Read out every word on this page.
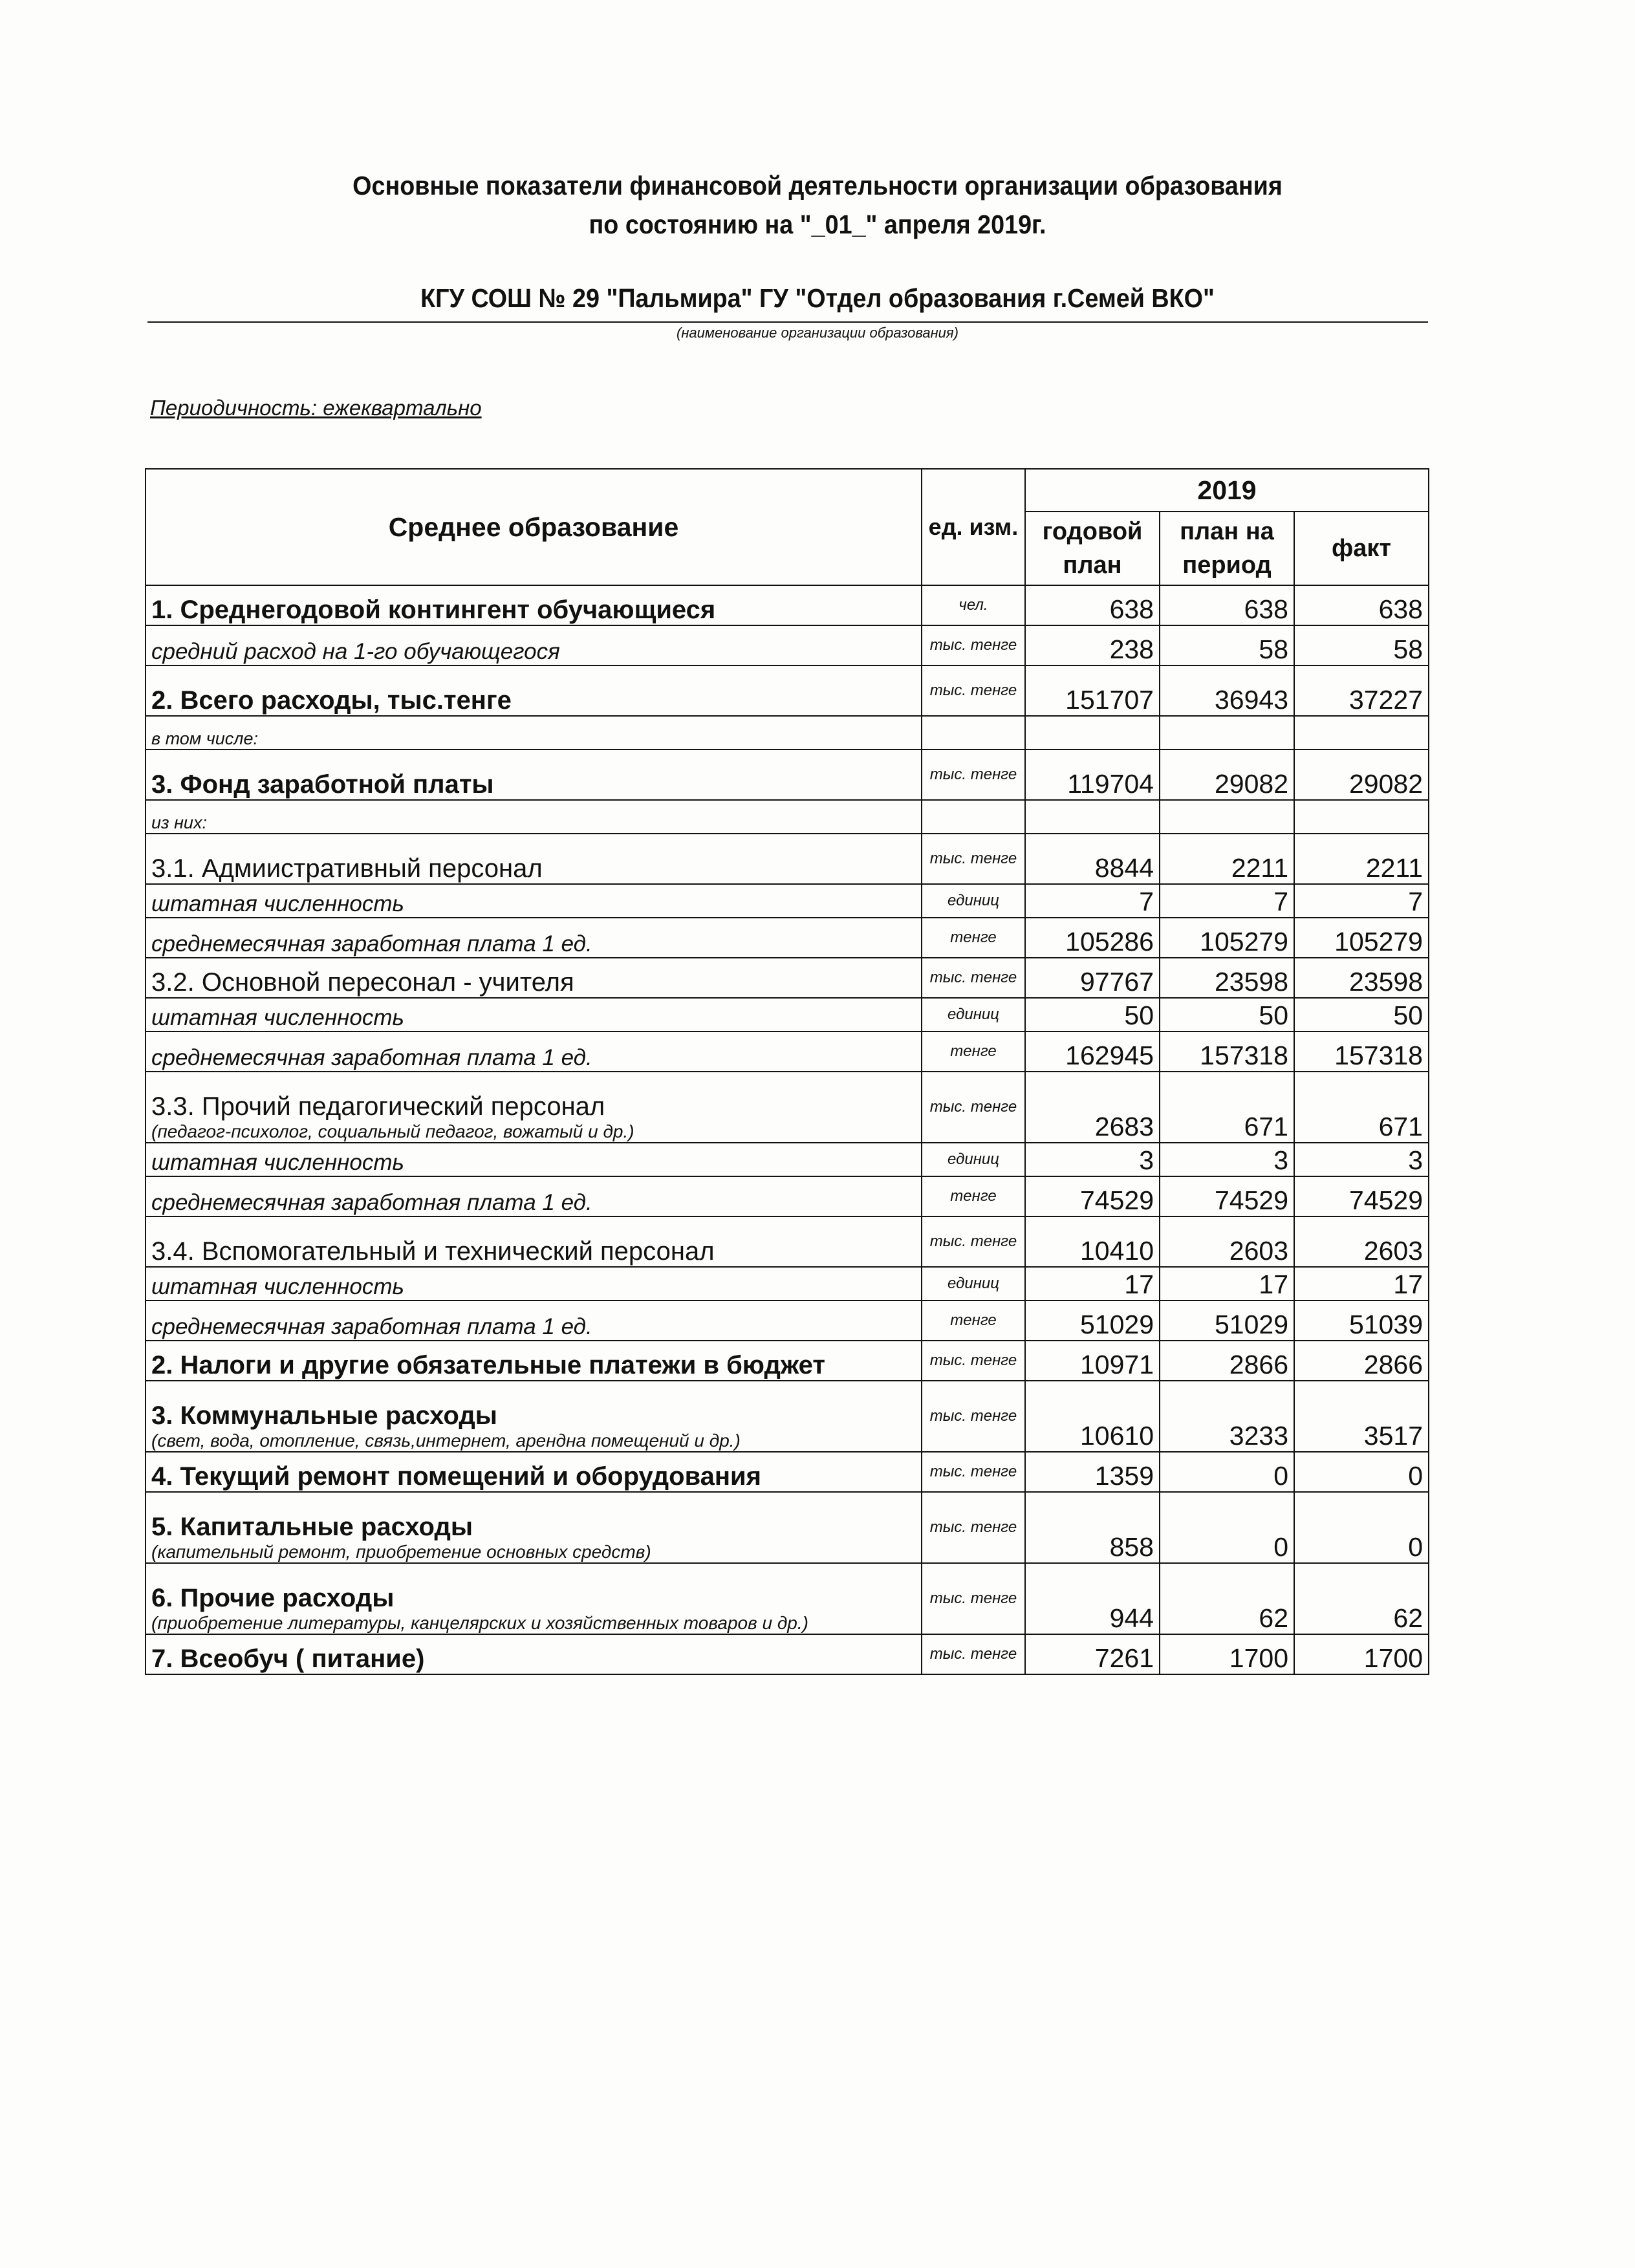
Основные показатели финансовой деятельности организации образования
по состоянию на "_01_" апреля 2019г.
КГУ СОШ № 29 "Пальмира" ГУ "Отдел образования г.Семей ВКО"
(наименование организации образования)
Периодичность: ежеквартально
Среднее образование	ед. изм.	2019		
		годовой план	план на период	факт

1. Среднегодовой контингент обучающиеся	чел.	638	638	638

средний расход на 1-го обучающегося	тыс. тенге	238	58	58

2. Всего расходы, тыс.тенге	тыс. тенге	151707	36943	37227

в том числе:				

3. Фонд заработной платы	тыс. тенге	119704	29082	29082

из них:				

3.1. Адмиистративный персонал	тыс. тенге	8844	2211	2211

штатная численность	единиц	7	7	7

среднемесячная заработная плата 1 ед.	тенге	105286	105279	105279

3.2. Основной пересонал - учителя	тыс. тенге	97767	23598	23598

штатная численность	единиц	50	50	50

среднемесячная заработная плата 1 ед.	тенге	162945	157318	157318

3.3. Прочий педагогический персонал
(педагог-психолог, социальный педагог, вожатый и др.)	тыс. тенге	2683	671	671

штатная численность	единиц	3	3	3

среднемесячная заработная плата 1 ед.	тенге	74529	74529	74529

3.4. Вспомогательный и технический персонал	тыс. тенге	10410	2603	2603

штатная численность	единиц	17	17	17

среднемесячная заработная плата 1 ед.	тенге	51029	51029	51039

2. Налоги и другие обязательные платежи в бюджет	тыс. тенге	10971	2866	2866

3. Коммунальные расходы
(свет, вода, отопление, связь,интернет, арендна помещений и др.)	тыс. тенге	10610	3233	3517

4. Текущий ремонт помещений и оборудования	тыс. тенге	1359	0	0

5. Капитальные расходы
(капительный ремонт, приобретение основных средств)	тыс. тенге	858	0	0

6. Прочие расходы
(приобретение литературы, канцелярских и хозяйственных товаров и др.)	тыс. тенге	944	62	62

7. Всеобуч ( питание)	тыс. тенге	7261	1700	1700
